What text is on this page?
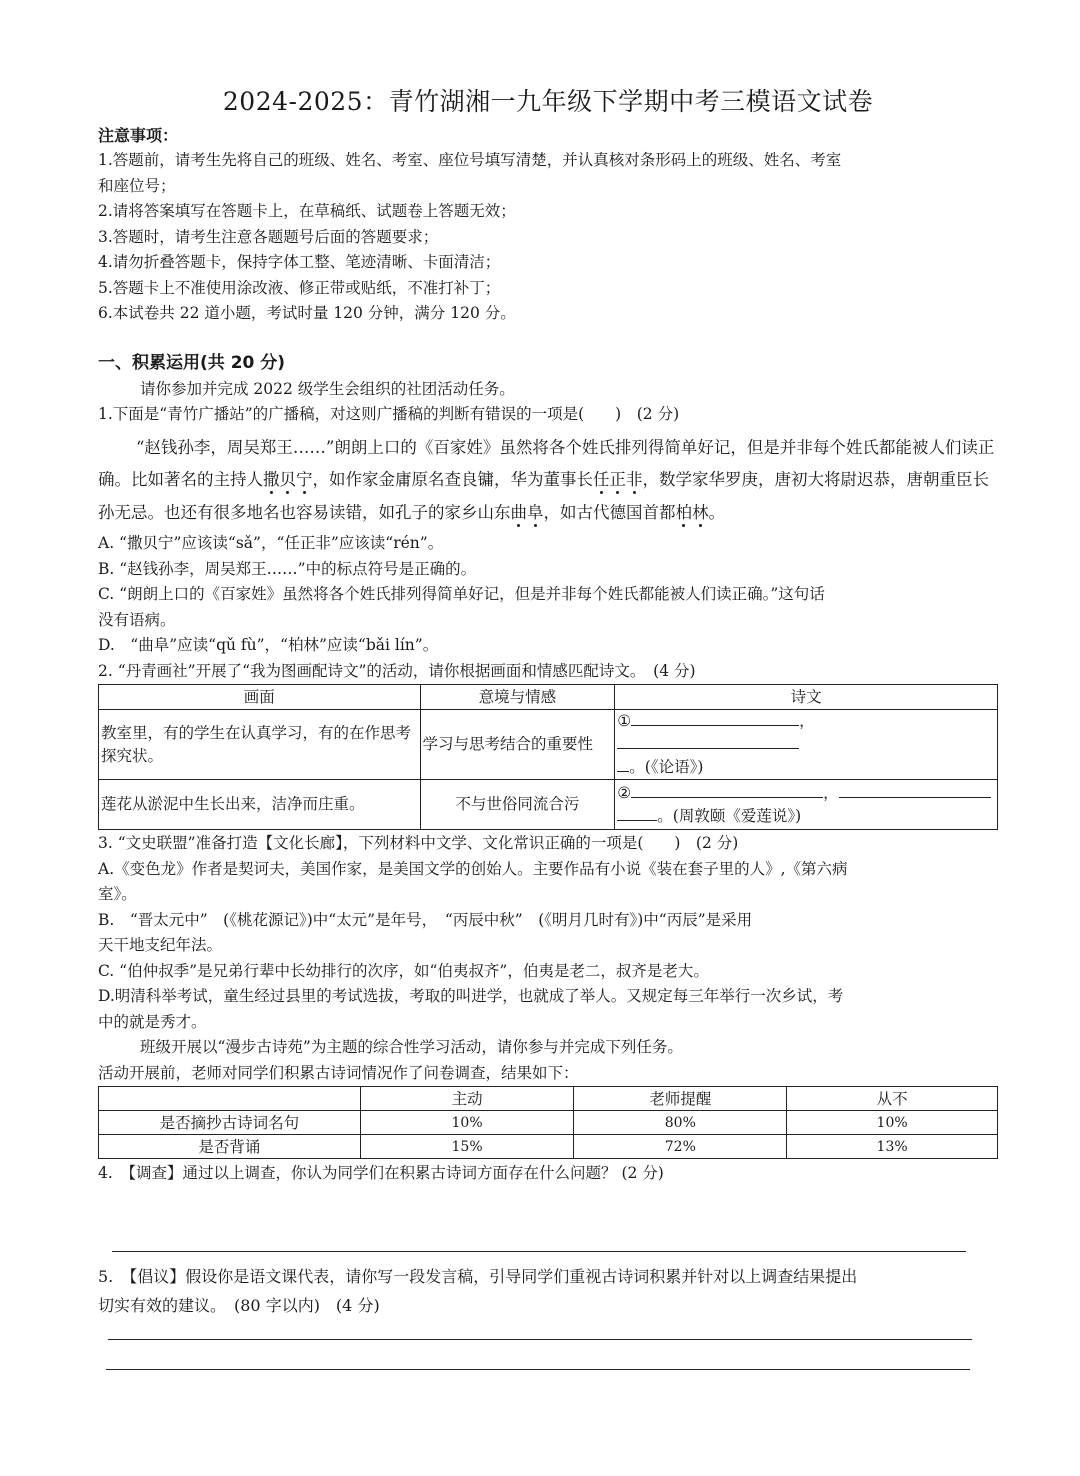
2024-2025：青竹湖湘一九年级下学期中考三模语文试卷
注意事项：

1.答题前，请考生先将自己的班级、姓名、考室、座位号填写清楚，并认真核对条形码上的班级、姓名、考室

和座位号；

2.请将答案填写在答题卡上，在草稿纸、试题卷上答题无效；

3.答题时，请考生注意各题题号后面的答题要求；

4.请勿折叠答题卡，保持字体工整、笔迹清晰、卡面清洁；

5.答题卡上不准使用涂改液、修正带或贴纸，不准打补丁；

6.本试卷共 22 道小题，考试时量 120 分钟，满分 120 分。

一、积累运用(共 20 分)

请你参加并完成 2022 级学生会组织的社团活动任务。

1.下面是“青竹广播站”的广播稿，对这则广播稿的判断有错误的一项是(　　)　(2 分)

“赵钱孙李，周吴郑王……”朗朗上口的《百家姓》虽然将各个姓氏排列得简单好记，但是并非每个姓氏都能被人们读正确。比如著名的主持人撒贝宁，如作家金庸原名查良镛，华为董事长任正非，数学家华罗庚，唐初大将尉迟恭，唐朝重臣长孙无忌。也还有很多地名也容易读错，如孔子的家乡山东曲阜，如古代德国首都柏林。

A. “撒贝宁”应该读“sǎ”，“任正非”应该读“rén”。

B. “赵钱孙李，周吴郑王……”中的标点符号是正确的。

C. “朗朗上口的《百家姓》虽然将各个姓氏排列得简单好记，但是并非每个姓氏都能被人们读正确。”这句话

没有语病。

D.　“曲阜”应读“qǔ fù”，“柏林”应读“bǎi lín”。

2. “丹青画社”开展了“我为图画配诗文”的活动，请你根据画面和情感匹配诗文。　(4 分)

画面	意境与情感	诗文
教室里，有的学生在认真学习，有的在作思考探究状。	学习与思考结合的重要性	① ，
。(《论语》)

莲花从淤泥中生长出来，洁净而庄重。	不与世俗同流合污	② ，
。(周敦颐《爱莲说》)

3. “文史联盟”准备打造【文化长廊】，下列材料中文学、文化常识正确的一项是(　　)　(2 分)

A.《变色龙》作者是契诃夫，美国作家，是美国文学的创始人。主要作品有小说《装在套子里的人》,《第六病

室》。

B.　“晋太元中”　(《桃花源记》)中“太元”是年号，　“丙辰中秋”　(《明月几时有》)中“丙辰”是采用

天干地支纪年法。

C. “伯仲叔季”是兄弟行辈中长幼排行的次序，如“伯夷叔齐”，伯夷是老二，叔齐是老大。

D.明清科举考试，童生经过县里的考试选拔，考取的叫进学，也就成了举人。又规定每三年举行一次乡试，考

中的就是秀才。

班级开展以“漫步古诗苑”为主题的综合性学习活动，请你参与并完成下列任务。

活动开展前，老师对同学们积累古诗词情况作了问卷调查，结果如下：

	主动	老师提醒	从不
是否摘抄古诗词名句	10%	80%	10%
是否背诵	15%	72%	13%

4.　【调查】通过以上调查，你认为同学们在积累古诗词方面存在什么问题？ (2 分)

5.　【倡议】假设你是语文课代表，请你写一段发言稿，引导同学们重视古诗词积累并针对以上调查结果提出
切实有效的建议。　(80 字以内)　(4 分)
